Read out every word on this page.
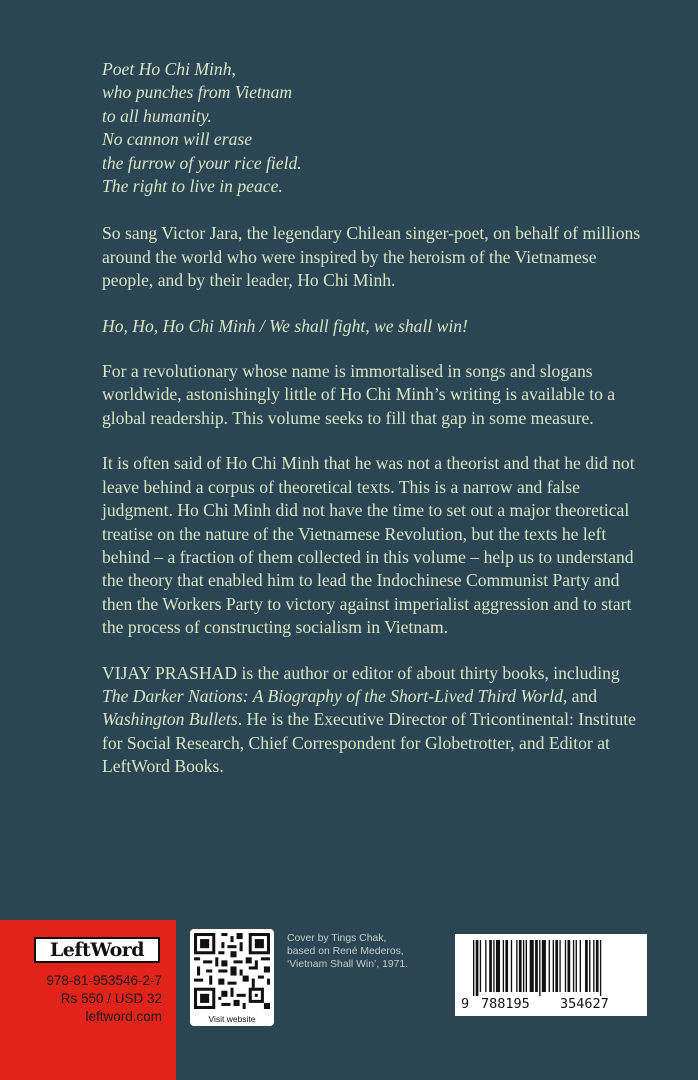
Poet Ho Chi Minh,
who punches from Vietnam
to all humanity.
No cannon will erase
the furrow of your rice field.
The right to live in peace.

So sang Victor Jara, the legendary Chilean singer-poet, on behalf of millions around the world who were inspired by the heroism of the Vietnamese people, and by their leader, Ho Chi Minh.

Ho, Ho, Ho Chi Minh / We shall fight, we shall win!

For a revolutionary whose name is immortalised in songs and slogans worldwide, astonishingly little of Ho Chi Minh’s writing is available to a global readership. This volume seeks to fill that gap in some measure.

It is often said of Ho Chi Minh that he was not a theorist and that he did not leave behind a corpus of theoretical texts. This is a narrow and false judgment. Ho Chi Minh did not have the time to set out a major theoretical treatise on the nature of the Vietnamese Revolution, but the texts he left behind – a fraction of them collected in this volume – help us to understand the theory that enabled him to lead the Indochinese Communist Party and then the Workers Party to victory against imperialist aggression and to start the process of constructing socialism in Vietnam.

VIJAY PRASHAD is the author or editor of about thirty books, including The Darker Nations: A Biography of the Short-Lived Third World, and Washington Bullets. He is the Executive Director of Tricontinental: Institute for Social Research, Chief Correspondent for Globetrotter, and Editor at LeftWord Books.

LeftWord
978-81-953546-2-7
Rs 550 / USD 32
leftword.com	Visit website
Cover by Tings Chak,
based on René Mederos,
‘Vietnam Shall Win’, 1971.
9 788195 354627
